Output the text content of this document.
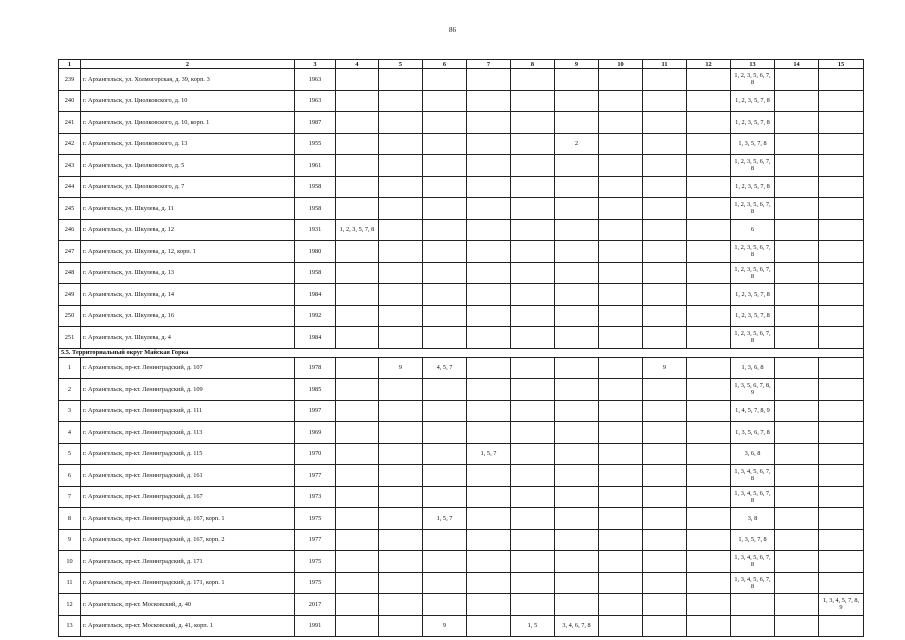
86
1	2	3	4	5	6	7	8	9	10	11	12	13	14	15
239	г. Архангельск, ул. Холмогорская, д. 39, корп. 3	1963										1, 2, 3, 5, 6, 7, 8		
240	г. Архангельск, ул. Циолковского, д. 10	1963										1, 2, 3, 5, 7, 8		
241	г. Архангельск, ул. Циолковского, д. 10, корп. 1	1987										1, 2, 3, 5, 7, 8		
242	г. Архангельск, ул. Циолковского, д. 13	1955						2				1, 3, 5, 7, 8		
243	г. Архангельск, ул. Циолковского, д. 5	1961										1, 2, 3, 5, 6, 7, 8		
244	г. Архангельск, ул. Циолковского, д. 7	1958										1, 2, 3, 5, 7, 8		
245	г. Архангельск, ул. Шкулева, д. 11	1958										1, 2, 3, 5, 6, 7, 8		
246	г. Архангельск, ул. Шкулева, д. 12	1931	1, 2, 3, 5, 7, 8									6		
247	г. Архангельск, ул. Шкулева, д. 12, корп. 1	1980										1, 2, 3, 5, 6, 7, 8		
248	г. Архангельск, ул. Шкулева, д. 13	1958										1, 2, 3, 5, 6, 7, 8		
249	г. Архангельск, ул. Шкулева, д. 14	1984										1, 2, 3, 5, 7, 8		
250	г. Архангельск, ул. Шкулева, д. 16	1992										1, 2, 3, 5, 7, 8		
251	г. Архангельск, ул. Шкулева, д. 4	1984										1, 2, 3, 5, 6, 7, 8		
5.5. Территориальный округ Майская Горка														
1	г. Архангельск, пр-кт. Ленинградский, д. 107	1978		9	4, 5, 7					9		1, 3, 6, 8		
2	г. Архангельск, пр-кт. Ленинградский, д. 109	1985										1, 3, 5, 6, 7, 8, 9		
3	г. Архангельск, пр-кт. Ленинградский, д. 111	1997										1, 4, 5, 7, 8, 9		
4	г. Архангельск, пр-кт. Ленинградский, д. 113	1969										1, 3, 5, 6, 7, 8		
5	г. Архангельск, пр-кт. Ленинградский, д. 115	1970				1, 5, 7						3, 6, 8		
6	г. Архангельск, пр-кт. Ленинградский, д. 161	1977										1, 3, 4, 5, 6, 7, 8		
7	г. Архангельск, пр-кт. Ленинградский, д. 167	1973										1, 3, 4, 5, 6, 7, 8		
8	г. Архангельск, пр-кт. Ленинградский, д. 167, корп. 1	1975			1, 5, 7							3, 8		
9	г. Архангельск, пр-кт. Ленинградский, д. 167, корп. 2	1977										1, 3, 5, 7, 8		
10	г. Архангельск, пр-кт. Ленинградский, д. 171	1975										1, 3, 4, 5, 6, 7, 8		
11	г. Архангельск, пр-кт. Ленинградский, д. 171, корп. 1	1975										1, 3, 4, 5, 6, 7, 8		
12	г. Архангельск, пр-кт. Московский, д. 40	2017												1, 3, 4, 5, 7, 8, 9
13	г. Архангельск, пр-кт. Московский, д. 41, корп. 1	1991			9		1, 5	3, 4, 6, 7, 8						
